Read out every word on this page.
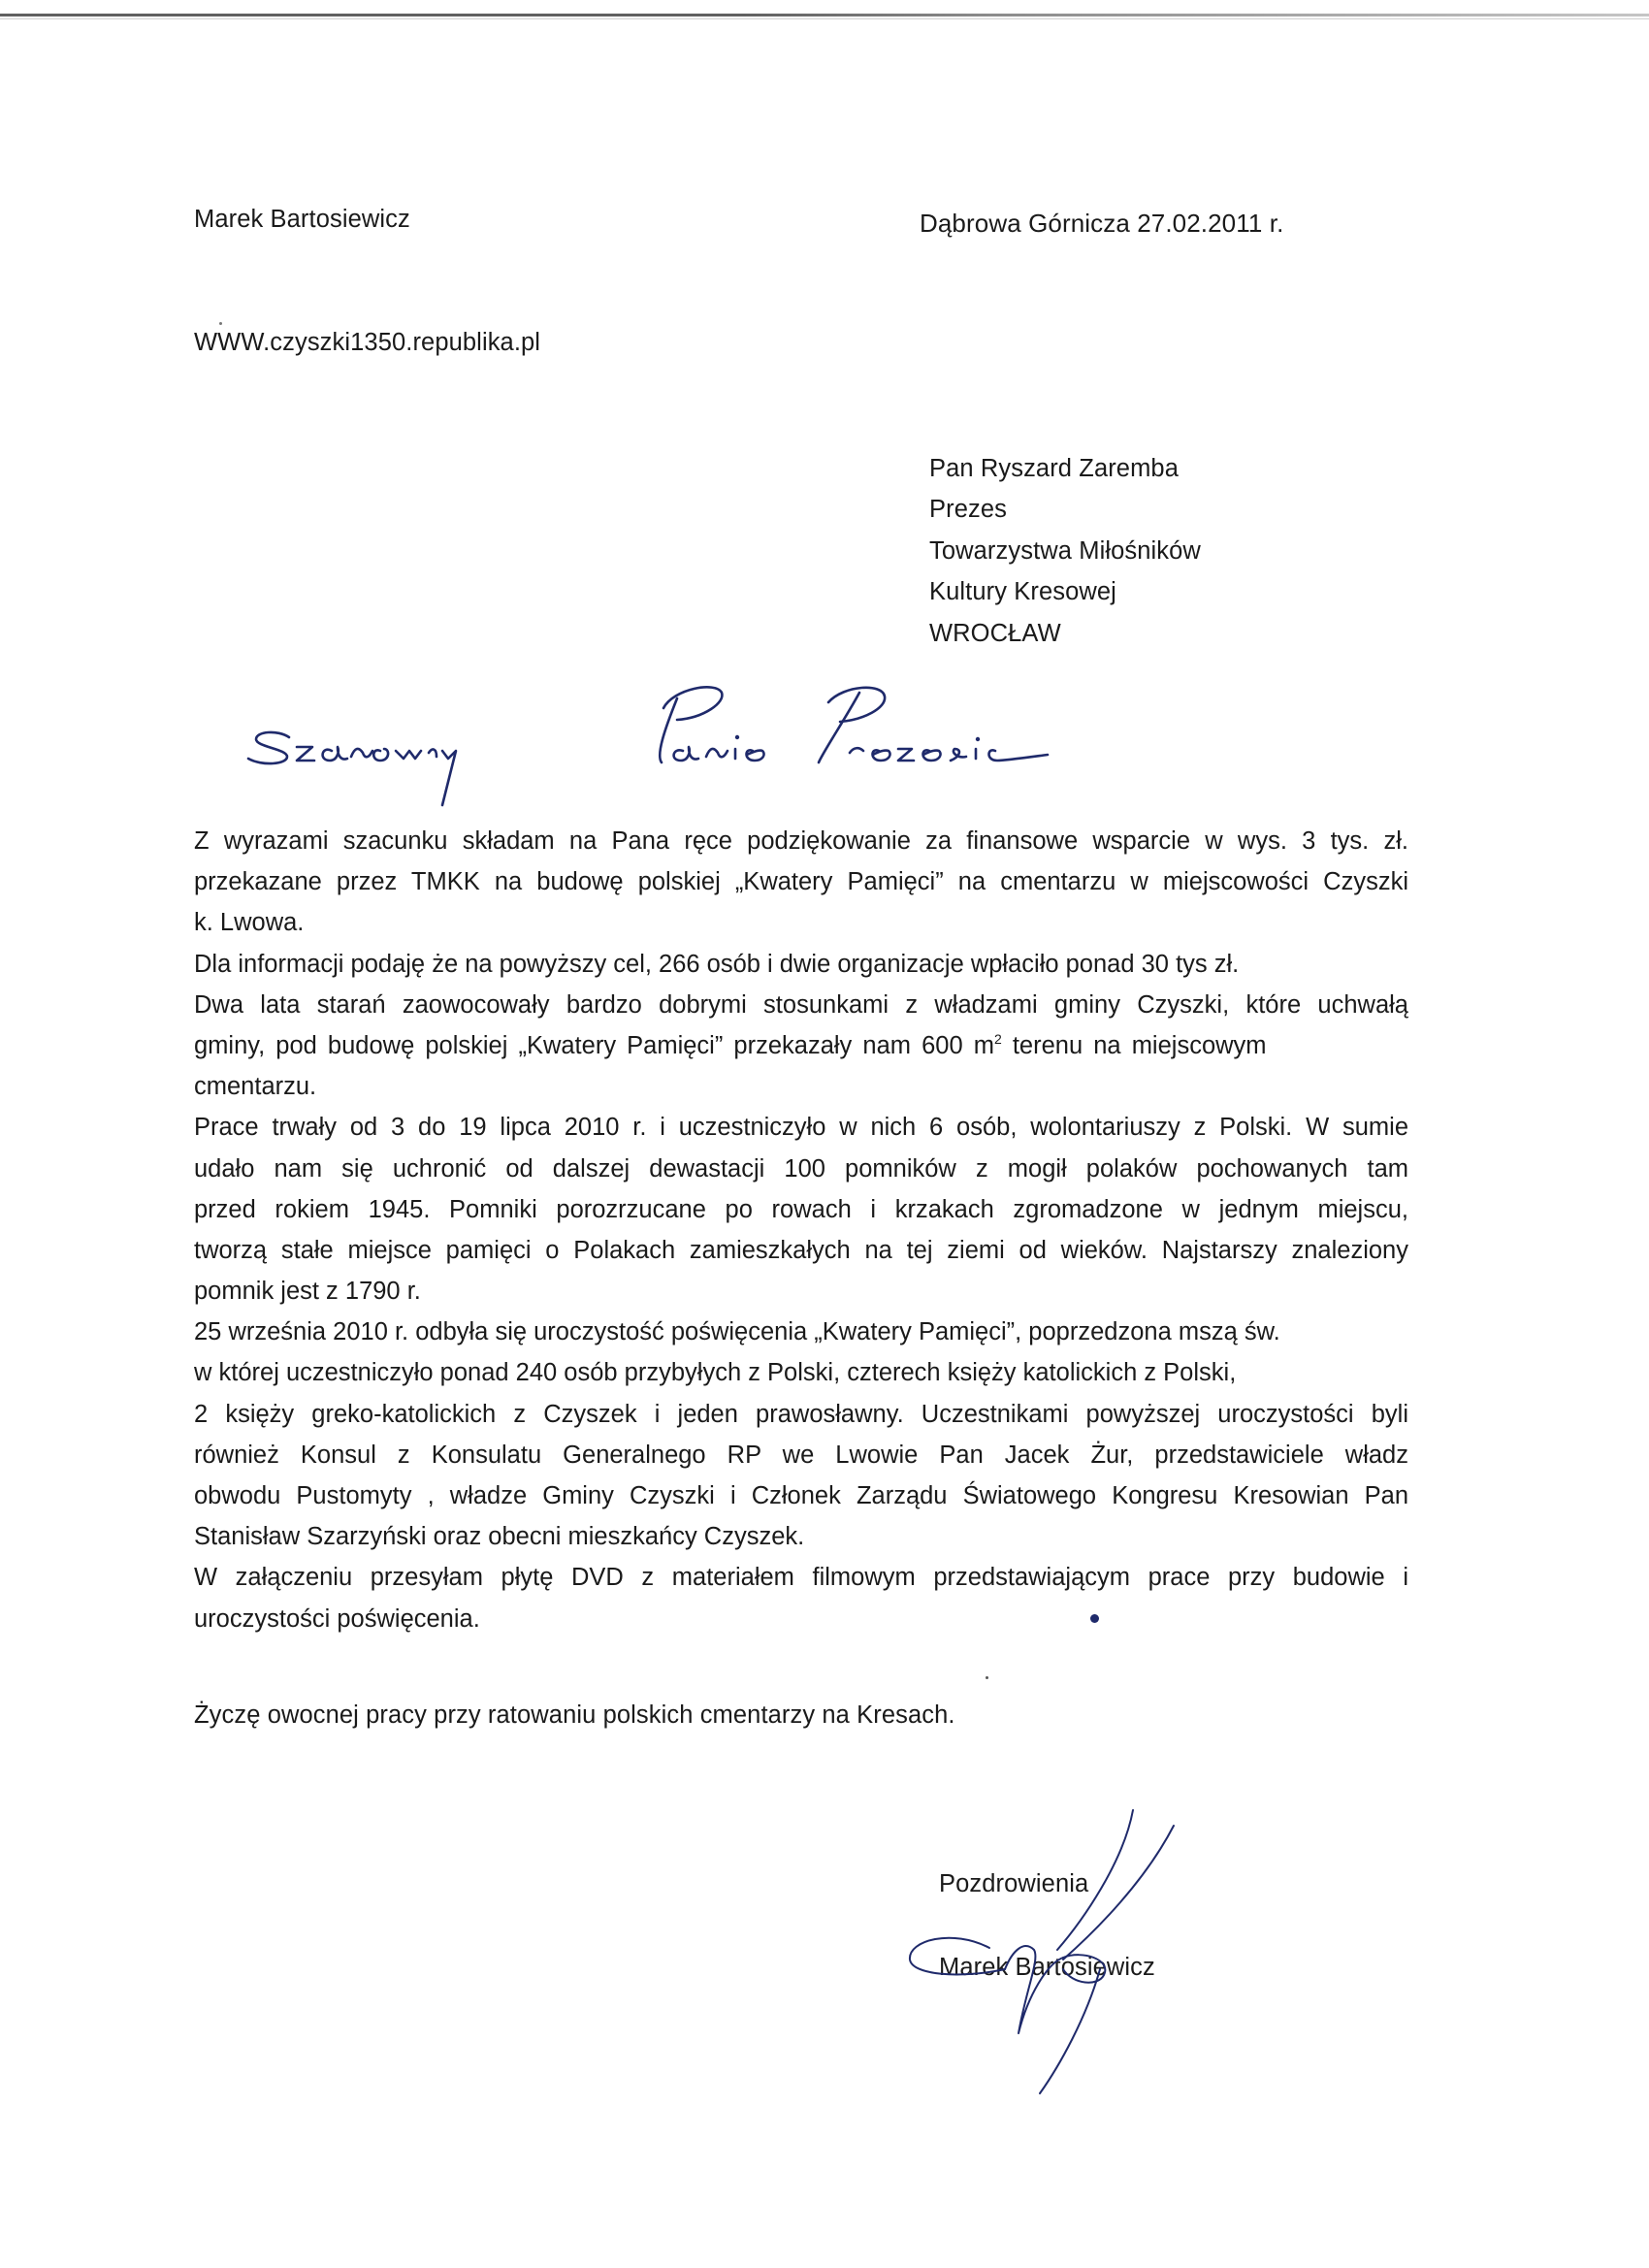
Marek Bartosiewicz	Dąbrowa Górnicza 27.02.2011 r.
WWW.czyszki1350.republika.pl
Pan Ryszard Zaremba
Prezes
Towarzystwa Miłośników
Kultury Kresowej
WROCŁAW
Z wyrazami szacunku składam na Pana ręce podziękowanie za finansowe wsparcie w wys. 3 tys. zł.
przekazane przez TMKK na budowę polskiej „Kwatery Pamięci” na cmentarzu w miejscowości Czyszki
k. Lwowa.
Dla informacji podaję że na powyższy cel, 266 osób i dwie organizacje wpłaciło ponad 30 tys zł.
Dwa lata starań zaowocowały bardzo dobrymi stosunkami z władzami gminy Czyszki, które uchwałą
gminy, pod budowę polskiej „Kwatery Pamięci” przekazały nam 600 $m^2$ terenu na miejscowym
cmentarzu.
Prace trwały od 3 do 19 lipca 2010 r. i uczestniczyło w nich 6 osób, wolontariuszy z Polski. W sumie
udało nam się uchronić od dalszej dewastacji 100 pomników z mogił polaków pochowanych tam
przed rokiem 1945. Pomniki porozrzucane po rowach i krzakach zgromadzone w jednym miejscu,
tworzą stałe miejsce pamięci o Polakach zamieszkałych na tej ziemi od wieków. Najstarszy znaleziony
pomnik jest z 1790 r.
25 września 2010 r. odbyła się uroczystość poświęcenia „Kwatery Pamięci”, poprzedzona mszą św.
w której uczestniczyło ponad 240 osób przybyłych z Polski, czterech księży katolickich z Polski,
2 księży greko-katolickich z Czyszek i jeden prawosławny. Uczestnikami powyższej uroczystości byli
również Konsul z Konsulatu Generalnego RP we Lwowie Pan Jacek Żur, przedstawiciele władz
obwodu Pustomyty , władze Gminy Czyszki i Członek Zarządu Światowego Kongresu Kresowian Pan
Stanisław Szarzyński oraz obecni mieszkańcy Czyszek.
W załączeniu przesyłam płytę DVD z materiałem filmowym przedstawiającym prace przy budowie i
uroczystości poświęcenia.
Życzę owocnej pracy przy ratowaniu polskich cmentarzy na Kresach.
Pozdrowienia
Marek Bartosiewicz
